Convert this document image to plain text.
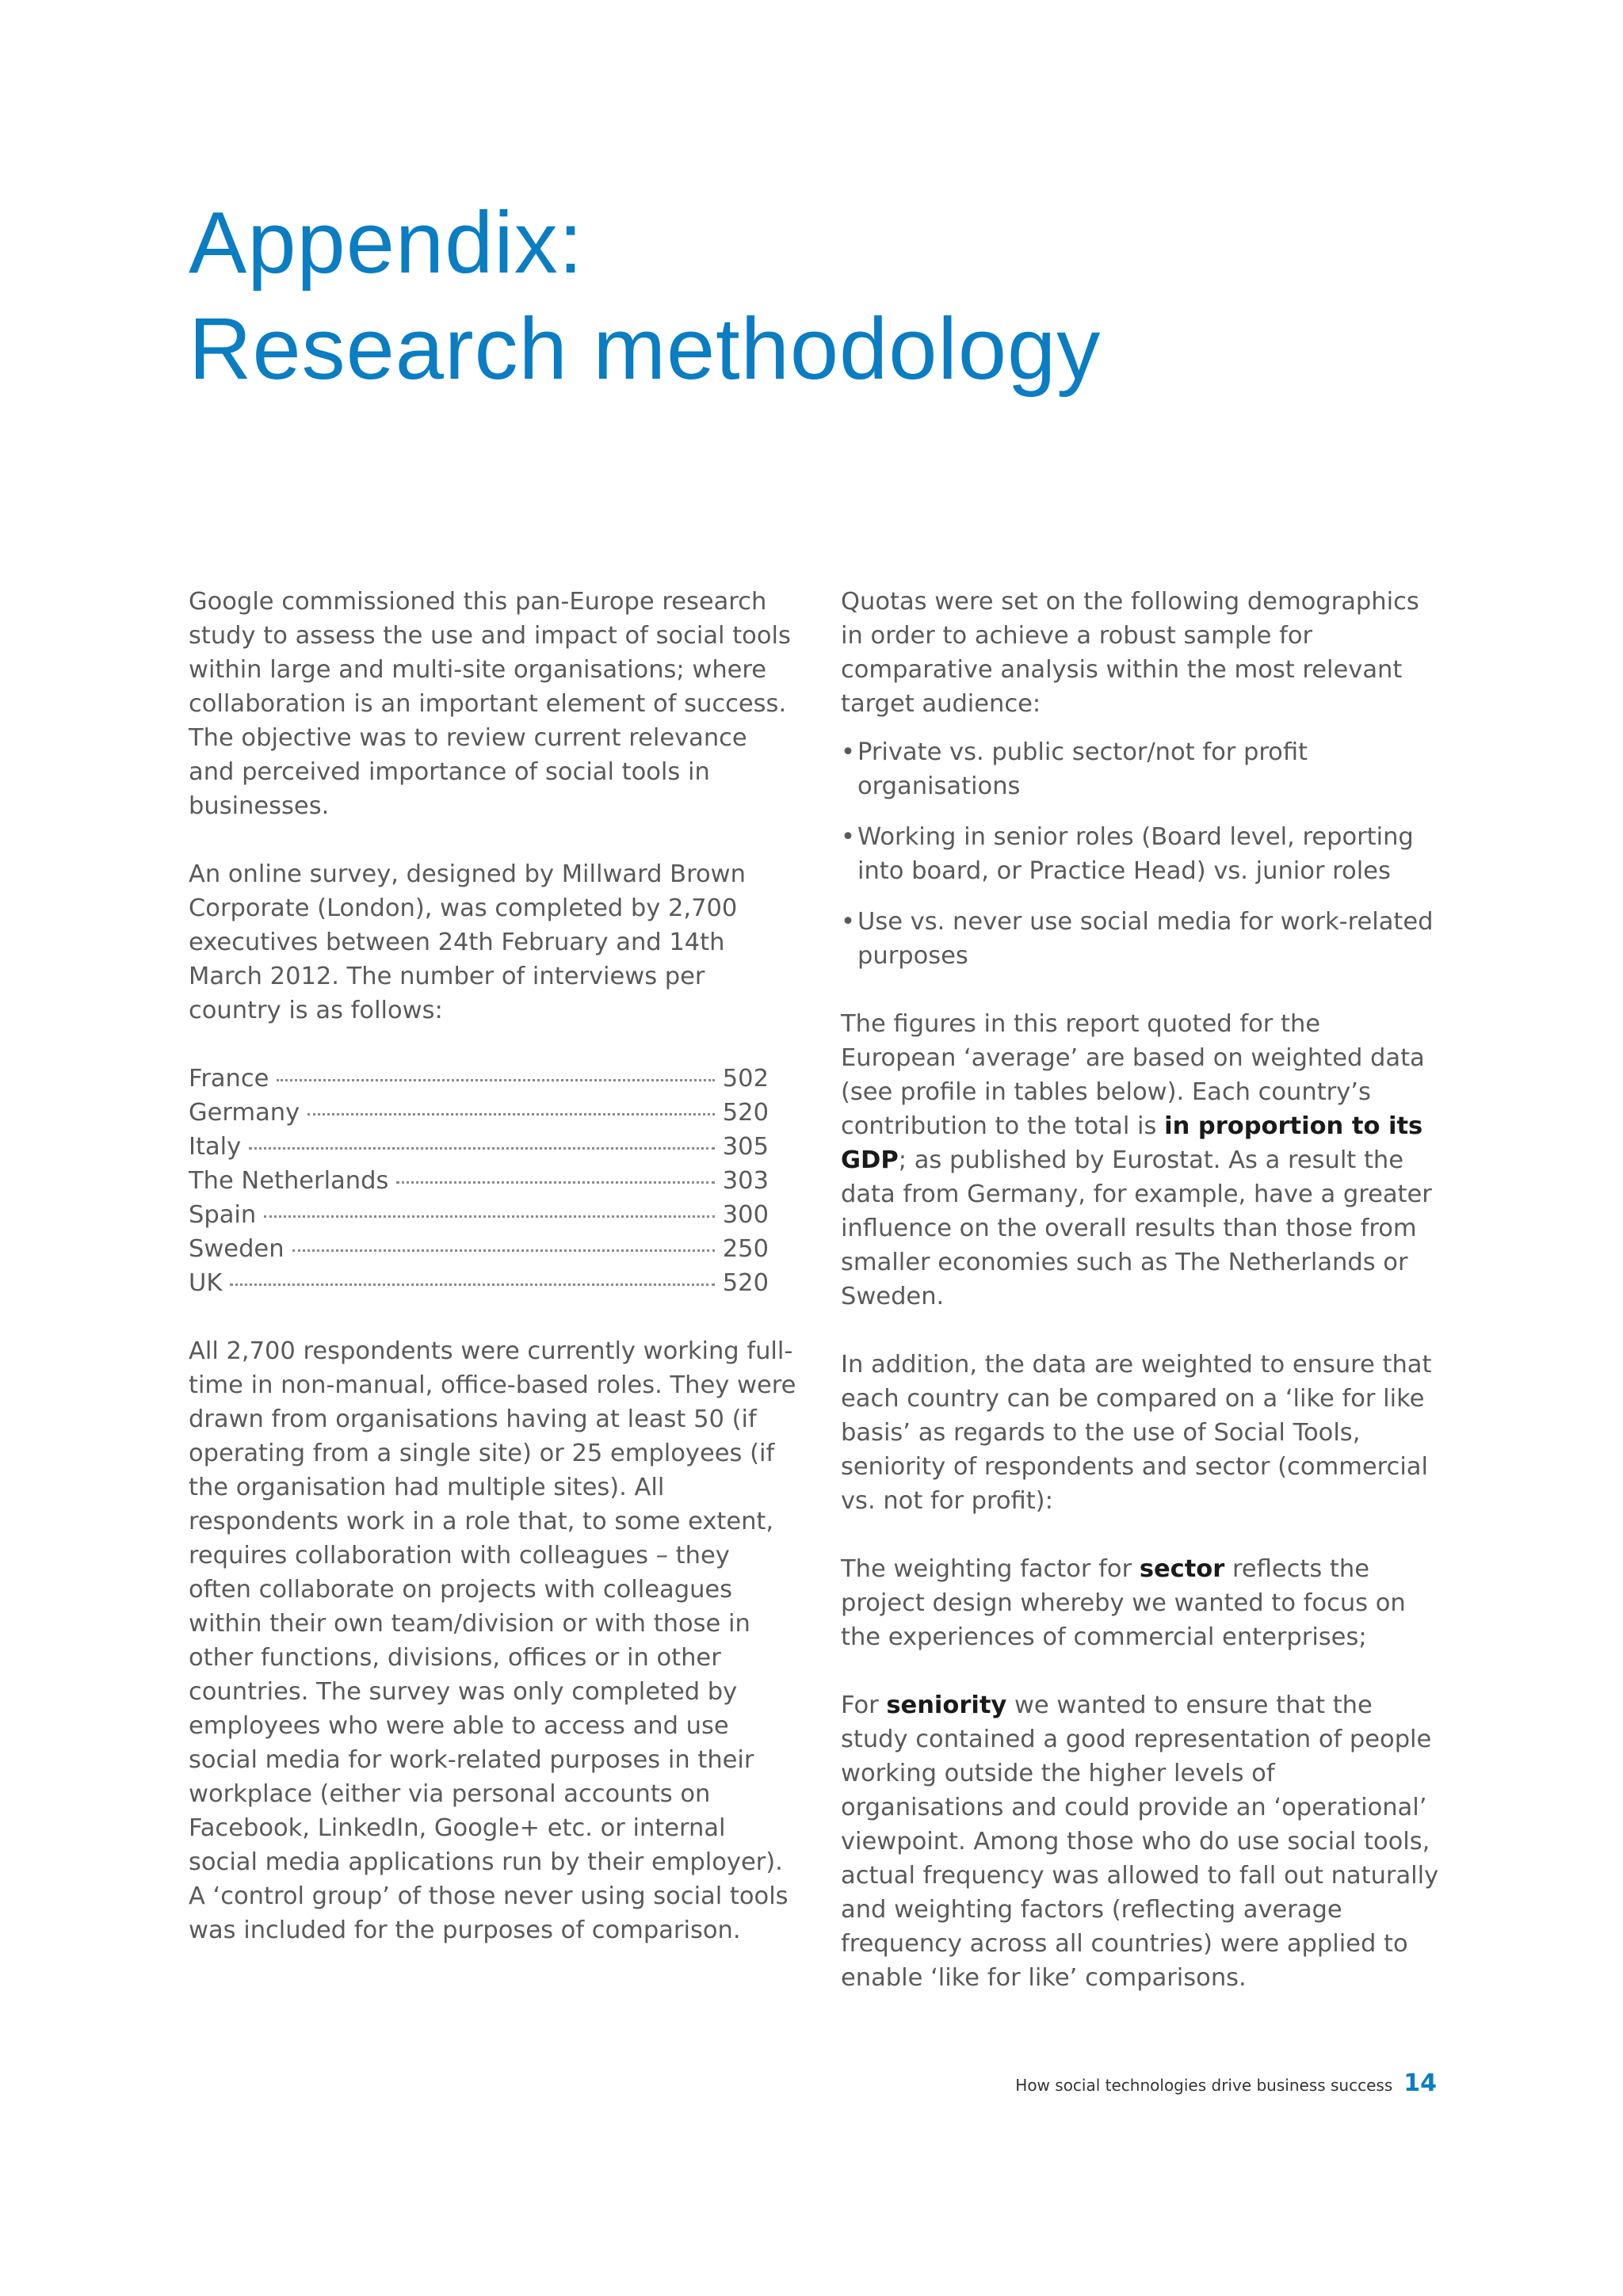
Appendix:
Research methodology

Google commissioned this pan-Europe research study to assess the use and impact of social tools within large and multi-site organisations; where collaboration is an important element of success. The objective was to review current relevance and perceived importance of social tools in businesses.

An online survey, designed by Millward Brown Corporate (London), was completed by 2,700 executives between 24th February and 14th March 2012. The number of interviews per country is as follows:

France	502
Germany	520
Italy	305
The Netherlands	303
Spain	300
Sweden	250
UK	520

All 2,700 respondents were currently working full-time in non-manual, office-based roles. They were drawn from organisations having at least 50 (if operating from a single site) or 25 employees (if the organisation had multiple sites). All respondents work in a role that, to some extent, requires collaboration with colleagues – they often collaborate on projects with colleagues within their own team/division or with those in other functions, divisions, offices or in other countries. The survey was only completed by employees who were able to access and use social media for work-related purposes in their workplace (either via personal accounts on Facebook, LinkedIn, Google+ etc. or internal social media applications run by their employer). A ‘control group’ of those never using social tools was included for the purposes of comparison.

Quotas were set on the following demographics in order to achieve a robust sample for comparative analysis within the most relevant target audience:

• Private vs. public sector/not for profit organisations
• Working in senior roles (Board level, reporting into board, or Practice Head) vs. junior roles
• Use vs. never use social media for work-related purposes

The figures in this report quoted for the European ‘average’ are based on weighted data (see profile in tables below). Each country’s contribution to the total is in proportion to its GDP; as published by Eurostat. As a result the data from Germany, for example, have a greater influence on the overall results than those from smaller economies such as The Netherlands or Sweden.

In addition, the data are weighted to ensure that each country can be compared on a ‘like for like basis’ as regards to the use of Social Tools, seniority of respondents and sector (commercial vs. not for profit):

The weighting factor for sector reflects the project design whereby we wanted to focus on the experiences of commercial enterprises;

For seniority we wanted to ensure that the study contained a good representation of people working outside the higher levels of organisations and could provide an ‘operational’ viewpoint. Among those who do use social tools, actual frequency was allowed to fall out naturally and weighting factors (reflecting average frequency across all countries) were applied to enable ‘like for like’ comparisons.

How social technologies drive business success 14
